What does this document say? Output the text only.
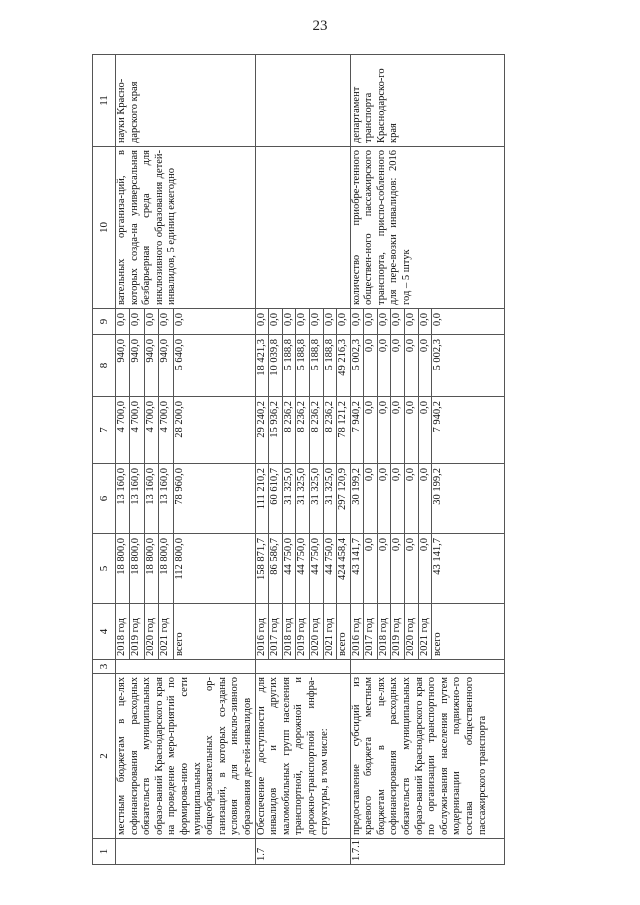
23
1	2	3	4	5	6	7	8	9	10	11
	местным бюджетам в це-лях софинансирования расходных обязательств муниципальных образо-ваний Краснодарского края на проведение меро-приятий по формирова-нию сети муниципальных общеобразовательных ор-ганизаций, в которых со-зданы условия для инклю-зивного образования де-тей-инвалидов		2018 год	18 800,0	13 160,0	4 700,0	940,0	0,0	вательных организа-ций, в которых созда-на универсальная безбарьерная среда для инклюзивного образования детей-инвалидов, 5 единиц ежегодно	науки Красно-дарского края
			2019 год	18 800,0	13 160,0	4 700,0	940,0	0,0		
			2020 год	18 800,0	13 160,0	4 700,0	940,0	0,0		
			2021 год	18 800,0	13 160,0	4 700,0	940,0	0,0		
			всего	112 800,0	78 960,0	28 200,0	5 640,0	0,0		

1.7	Обеспечение доступности для инвалидов и других маломобильных групп населения транспортной, дорожной и дорожно-транспортной инфра-структуры, в том числе:		2016 год	158 871,7	111 210,2	29 240,2	18 421,3	0,0		
			2017 год	86 586,7	60 610,7	15 936,2	10 039,8	0,0		
			2018 год	44 750,0	31 325,0	8 236,2	5 188,8	0,0		
			2019 год	44 750,0	31 325,0	8 236,2	5 188,8	0,0		
			2020 год	44 750,0	31 325,0	8 236,2	5 188,8	0,0		
			2021 год	44 750,0	31 325,0	8 236,2	5 188,8	0,0		
			всего	424 458,4	297 120,9	78 121,2	49 216,3	0,0		
1.7.1	предоставление субсидий из краевого бюджета местным бюджетам в це-лях софинансирования расходных обязательств муниципальных образо-ваний Краснодарского края по организации транспортного обслужи-вания населения путем модернизации подвижно-го состава общественного пассажирского транспорта		2016 год	43 141,7	30 199,2	7 940,2	5 002,3	0,0	количество приобре-тенного обществен-ного пассажирского транспорта, приспо-собленного для пере-возки инвалидов: 2016 год – 5 штук	департамент транспорта Краснодарско-го края
			2017 год	0,0	0,0	0,0	0,0	0,0		
			2018 год	0,0	0,0	0,0	0,0	0,0		
			2019 год	0,0	0,0	0,0	0,0	0,0		
			2020 год	0,0	0,0	0,0	0,0	0,0		
			2021 год	0,0	0,0	0,0	0,0	0,0		
			всего	43 141,7	30 199,2	7 940,2	5 002,3	0,0		
